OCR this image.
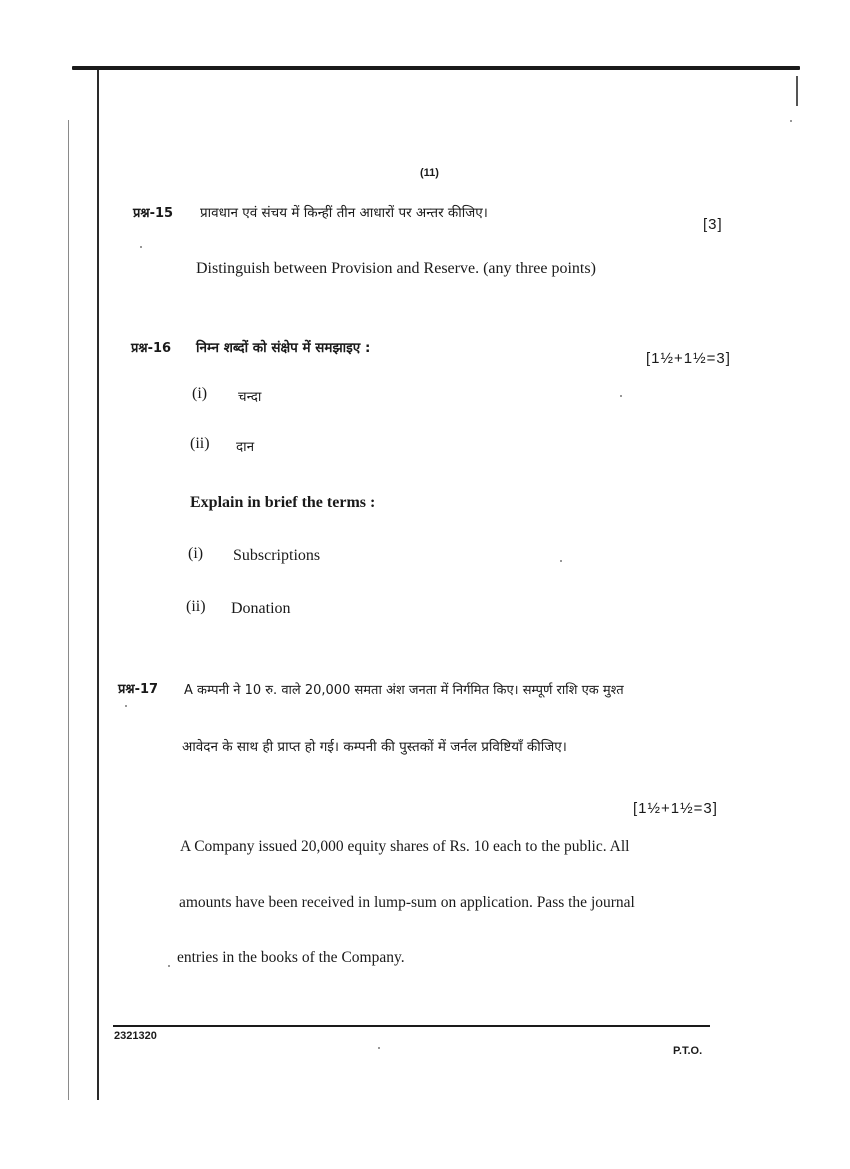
(11)
प्रश्न-15 प्रावधान एवं संचय में किन्हीं तीन आधारों पर अन्तर कीजिए।
[3]
Distinguish between Provision and Reserve. (any three points)
प्रश्न-16 निम्न शब्दों को संक्षेप में समझाइए :
[1½+1½=3]
(i) चन्दा
(ii) दान
Explain in brief the terms :
(i) Subscriptions
(ii) Donation
प्रश्न-17 A कम्पनी ने 10 रु. वाले 20,000 समता अंश जनता में निर्गमित किए। सम्पूर्ण राशि एक मुश्त
आवेदन के साथ ही प्राप्त हो गई। कम्पनी की पुस्तकों में जर्नल प्रविष्टियाँ कीजिए।
[1½+1½=3]
A Company issued 20,000 equity shares of Rs. 10 each to the public. All
amounts have been received in lump-sum on application. Pass the journal
entries in the books of the Company.
2321320
P.T.O.
